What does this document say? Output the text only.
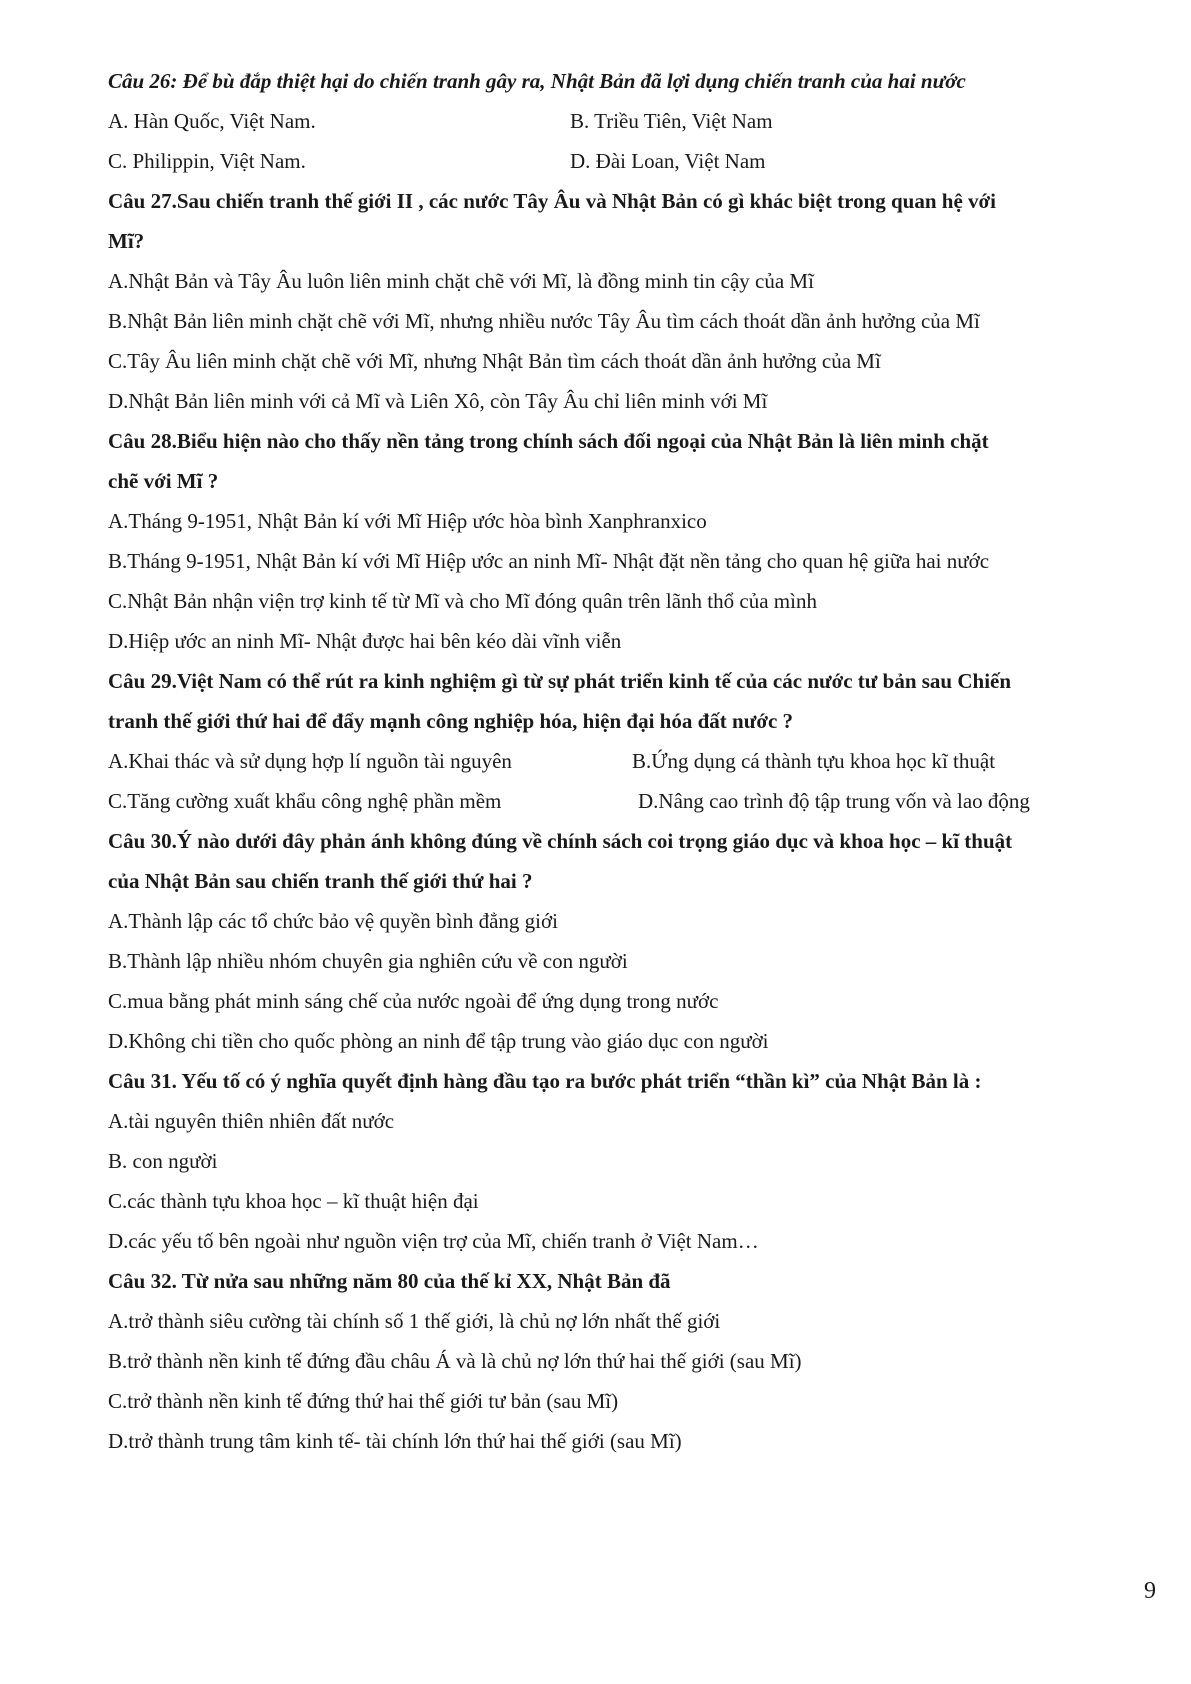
Câu 26: Để bù đắp thiệt hại do chiến tranh gây ra, Nhật Bản đã lợi dụng chiến tranh của hai nước
A. Hàn Quốc, Việt Nam.	B. Triều Tiên, Việt Nam
C. Philippin, Việt Nam.	D. Đài Loan, Việt Nam
Câu 27.Sau chiến tranh thế giới II , các nước Tây Âu và Nhật Bản có gì khác biệt trong quan hệ với
Mĩ?
A.Nhật Bản và Tây Âu luôn liên minh chặt chẽ với Mĩ, là đồng minh tin cậy của Mĩ
B.Nhật Bản liên minh chặt chẽ với Mĩ, nhưng nhiều nước Tây Âu tìm cách thoát dần ảnh hưởng của Mĩ
C.Tây Âu liên minh chặt chẽ với Mĩ, nhưng Nhật Bản tìm cách thoát dần ảnh hưởng của Mĩ
D.Nhật Bản liên minh với cả Mĩ và Liên Xô, còn Tây Âu chỉ liên minh với Mĩ
Câu 28.Biểu hiện nào cho thấy nền tảng trong chính sách đối ngoại của Nhật Bản là liên minh chặt
chẽ với Mĩ ?
A.Tháng 9-1951, Nhật Bản kí với Mĩ Hiệp ước hòa bình Xanphranxico
B.Tháng 9-1951, Nhật Bản kí với Mĩ Hiệp ước an ninh Mĩ- Nhật đặt nền tảng cho quan hệ giữa hai nước
C.Nhật Bản nhận viện trợ kinh tế từ Mĩ và cho Mĩ đóng quân trên lãnh thổ của mình
D.Hiệp ước an ninh Mĩ- Nhật được hai bên kéo dài vĩnh viễn
Câu 29.Việt Nam có thể rút ra kinh nghiệm gì từ sự phát triển kinh tế của các nước tư bản sau Chiến
tranh thế giới thứ hai để đẩy mạnh công nghiệp hóa, hiện đại hóa đất nước ?
A.Khai thác và sử dụng hợp lí nguồn tài nguyên	B.Ứng dụng cá thành tựu khoa học kĩ thuật
C.Tăng cường xuất khẩu công nghệ phần mềm	D.Nâng cao trình độ tập trung vốn và lao động
Câu 30.Ý nào dưới đây phản ánh không đúng về chính sách coi trọng giáo dục và khoa học – kĩ thuật
của Nhật Bản sau chiến tranh thế giới thứ hai ?
A.Thành lập các tổ chức bảo vệ quyền bình đẳng giới
B.Thành lập nhiều nhóm chuyên gia nghiên cứu về con người
C.mua bằng phát minh sáng chế của nước ngoài để ứng dụng trong nước
D.Không chi tiền cho quốc phòng an ninh để tập trung vào giáo dục con người
Câu 31. Yếu tố có ý nghĩa quyết định hàng đầu tạo ra bước phát triển “thần kì” của Nhật Bản là :
A.tài nguyên thiên nhiên đất nước
B. con người
C.các thành tựu khoa học – kĩ thuật hiện đại
D.các yếu tố bên ngoài như nguồn viện trợ của Mĩ, chiến tranh ở Việt Nam…
Câu 32. Từ nửa sau những năm 80 của thế kỉ XX, Nhật Bản đã
A.trở thành siêu cường tài chính số 1 thế giới, là chủ nợ lớn nhất thế giới
B.trở thành nền kinh tế đứng đầu châu Á và là chủ nợ lớn thứ hai thế giới (sau Mĩ)
C.trở thành nền kinh tế đứng thứ hai thế giới tư bản (sau Mĩ)
D.trở thành trung tâm kinh tế- tài chính lớn thứ hai thế giới (sau Mĩ)
9
